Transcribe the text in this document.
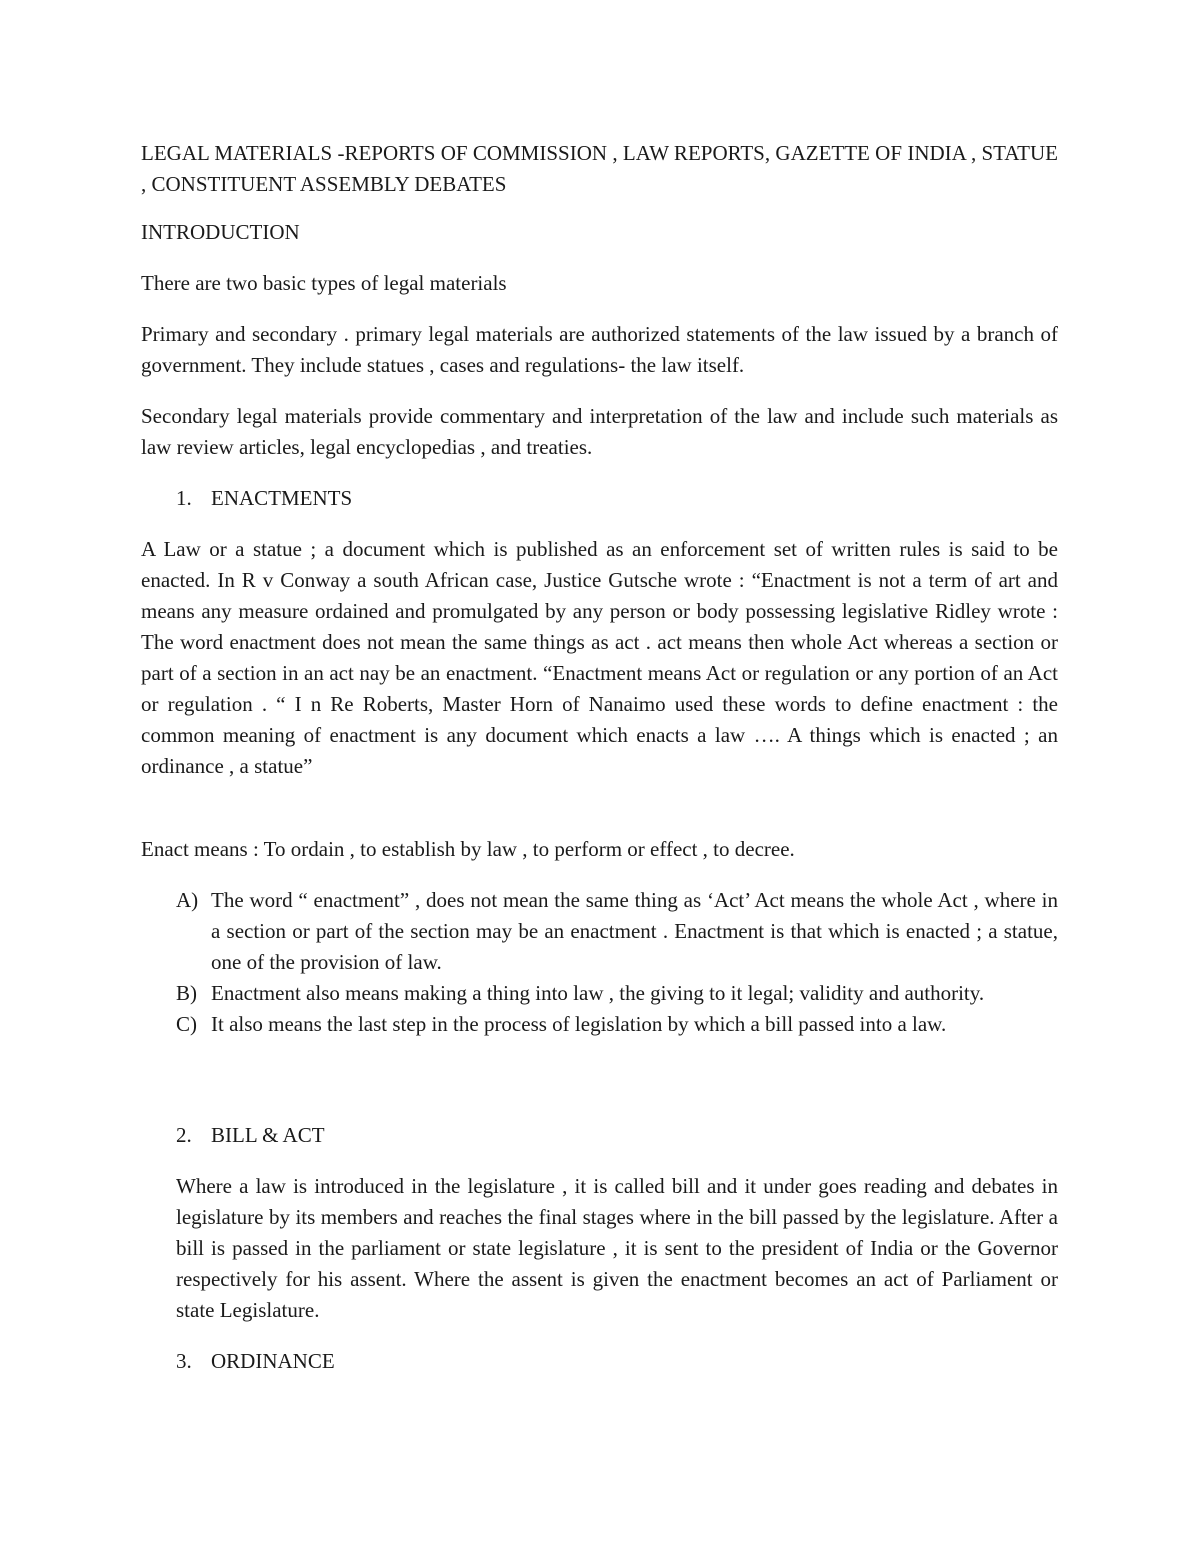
LEGAL MATERIALS -REPORTS OF COMMISSION , LAW REPORTS, GAZETTE OF INDIA , STATUE , CONSTITUENT ASSEMBLY DEBATES

INTRODUCTION

There are two basic types of legal materials

Primary and secondary . primary legal materials are authorized statements of the law issued by a branch of government. They include statues , cases and regulations- the law itself.

Secondary legal materials provide commentary and interpretation of the law and include such materials as law review articles, legal encyclopedias , and treaties.

1. ENACTMENTS

A Law or a statue ; a document which is published as an enforcement set of written rules is said to be enacted. In R v Conway a south African case, Justice Gutsche wrote : “Enactment is not a term of art and means any measure ordained and promulgated by any person or body possessing legislative Ridley wrote : The word enactment does not mean the same things as act . act means then whole Act whereas a section or part of a section in an act nay be an enactment. “Enactment means Act or regulation or any portion of an Act or regulation . “ I n Re Roberts, Master Horn of Nanaimo used these words to define enactment : the common meaning of enactment is any document which enacts a law …. A things which is enacted ; an ordinance , a statue”

Enact means : To ordain , to establish by law , to perform or effect , to decree.

A) The word “ enactment” , does not mean the same thing as ‘Act’ Act means the whole Act , where in a section or part of the section may be an enactment . Enactment is that which is enacted ; a statue, one of the provision of law.
B) Enactment also means making a thing into law , the giving to it legal; validity and authority.
C) It also means the last step in the process of legislation by which a bill passed into a law.
2. BILL & ACT

Where a law is introduced in the legislature , it is called bill and it under goes reading and debates in legislature by its members and reaches the final stages where in the bill passed by the legislature. After a bill is passed in the parliament or state legislature , it is sent to the president of India or the Governor respectively for his assent. Where the assent is given the enactment becomes an act of Parliament or state Legislature.

3. ORDINANCE
